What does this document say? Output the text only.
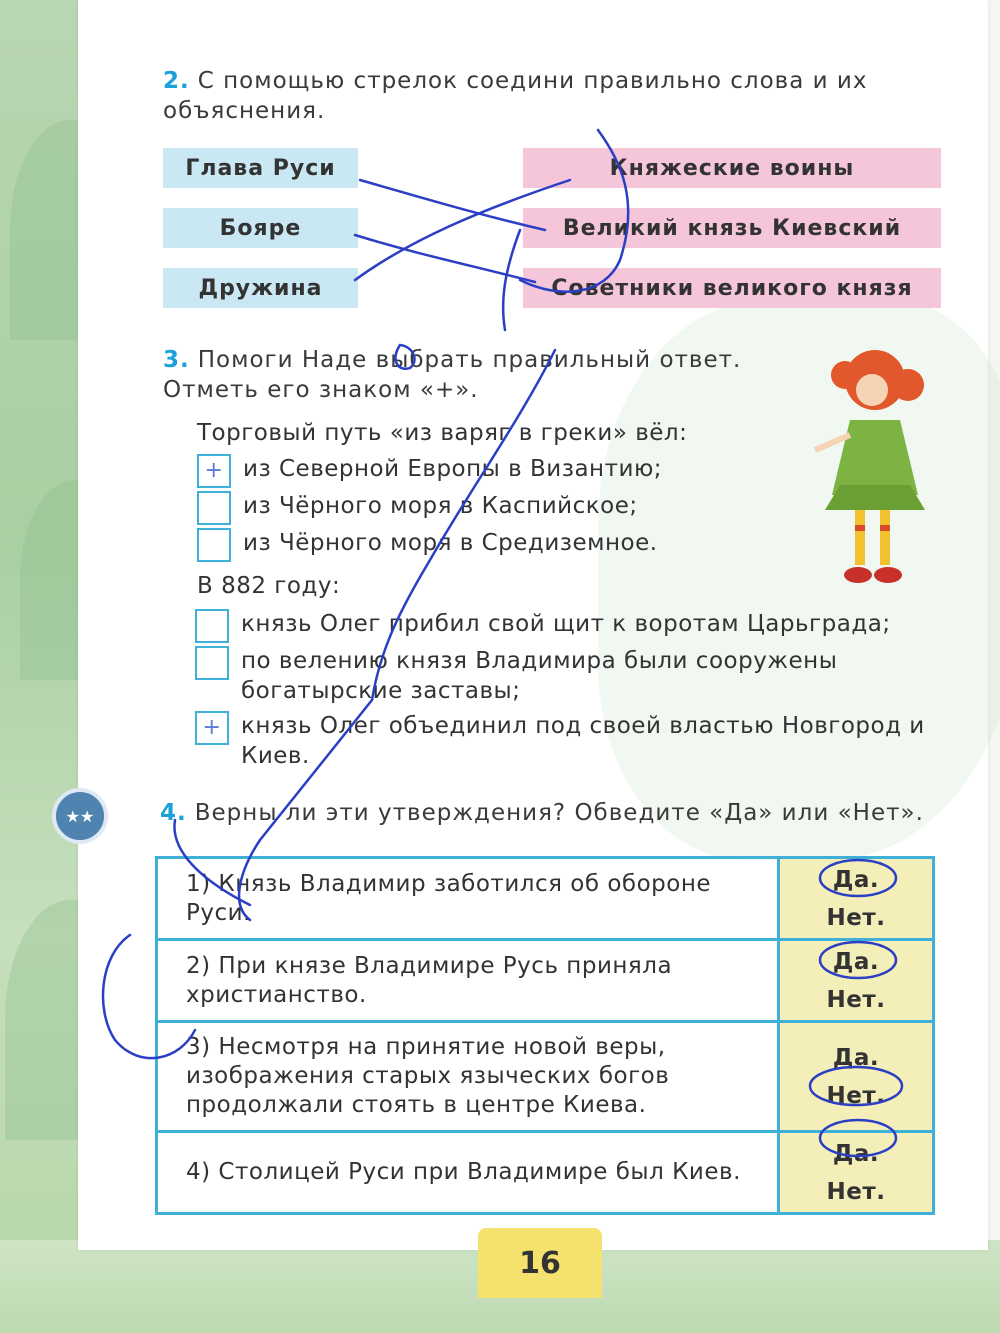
2. С помощью стрелок соедини правильно слова и их объяснения.
Глава Руси
Бояре
Дружина
Княжеские воины
Великий князь Киевский
Советники великого князя
3. Помоги Наде выбрать правильный ответ.
Отметь его знаком «+».
Торговый путь «из варяг в греки» вёл:
+ из Северной Европы в Византию;
из Чёрного моря в Каспийское;
из Чёрного моря в Средиземное.
В 882 году:
князь Олег прибил свой щит к воротам Царьграда;
по велению князя Владимира были сооружены богатырские заставы;
+ князь Олег объединил под своей властью Новгород и Киев.
★★	4. Верны ли эти утверждения? Обведите «Да» или «Нет».
1) Князь Владимир заботился об обороне Руси.	Да.
Нет.

2) При князе Владимире Русь приняла христианство.	Да.
Нет.

3) Несмотря на принятие новой веры, изображения старых языческих богов продолжали стоять в центре Киева.	Да.
Нет.

4) Столицей Руси при Владимире был Киев.	Да.
Нет.
16
